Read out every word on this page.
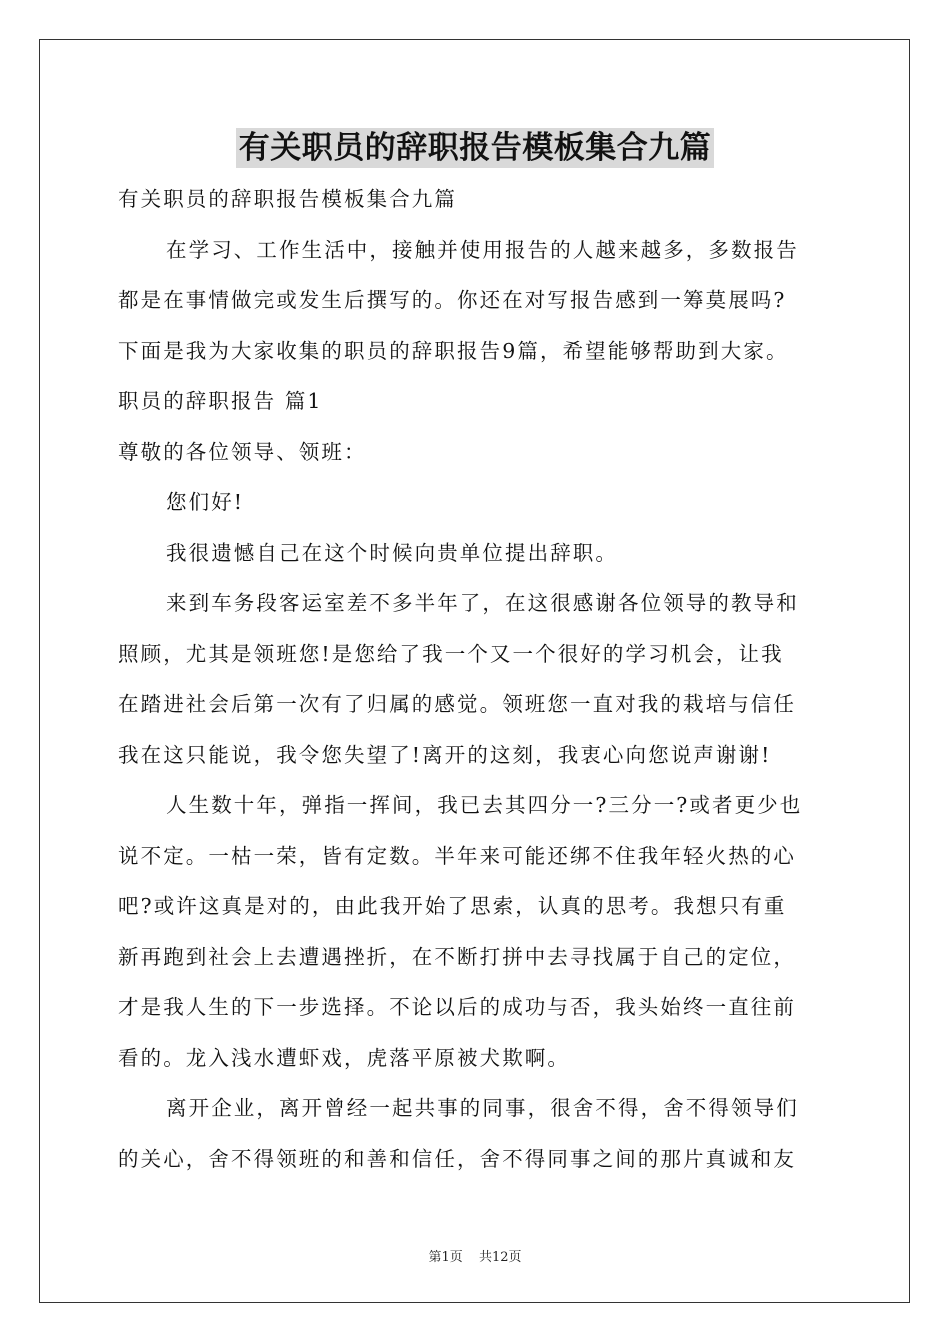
有关职员的辞职报告模板集合九篇
有关职员的辞职报告模板集合九篇
在学习、工作生活中，接触并使用报告的人越来越多，多数报告
都是在事情做完或发生后撰写的。你还在对写报告感到一筹莫展吗?
下面是我为大家收集的职员的辞职报告9篇，希望能够帮助到大家。
职员的辞职报告 篇1
尊敬的各位领导、领班：
您们好!
我很遗憾自己在这个时候向贵单位提出辞职。
来到车务段客运室差不多半年了，在这很感谢各位领导的教导和
照顾，尤其是领班您!是您给了我一个又一个很好的学习机会，让我
在踏进社会后第一次有了归属的感觉。领班您一直对我的栽培与信任
我在这只能说，我令您失望了!离开的这刻，我衷心向您说声谢谢!
人生数十年，弹指一挥间，我已去其四分一?三分一?或者更少也
说不定。一枯一荣，皆有定数。半年来可能还绑不住我年轻火热的心
吧?或许这真是对的，由此我开始了思索，认真的思考。我想只有重
新再跑到社会上去遭遇挫折，在不断打拼中去寻找属于自己的定位，
才是我人生的下一步选择。不论以后的成功与否，我头始终一直往前
看的。龙入浅水遭虾戏，虎落平原被犬欺啊。
离开企业，离开曾经一起共事的同事，很舍不得，舍不得领导们
的关心，舍不得领班的和善和信任，舍不得同事之间的那片真诚和友
第1页 共12页
